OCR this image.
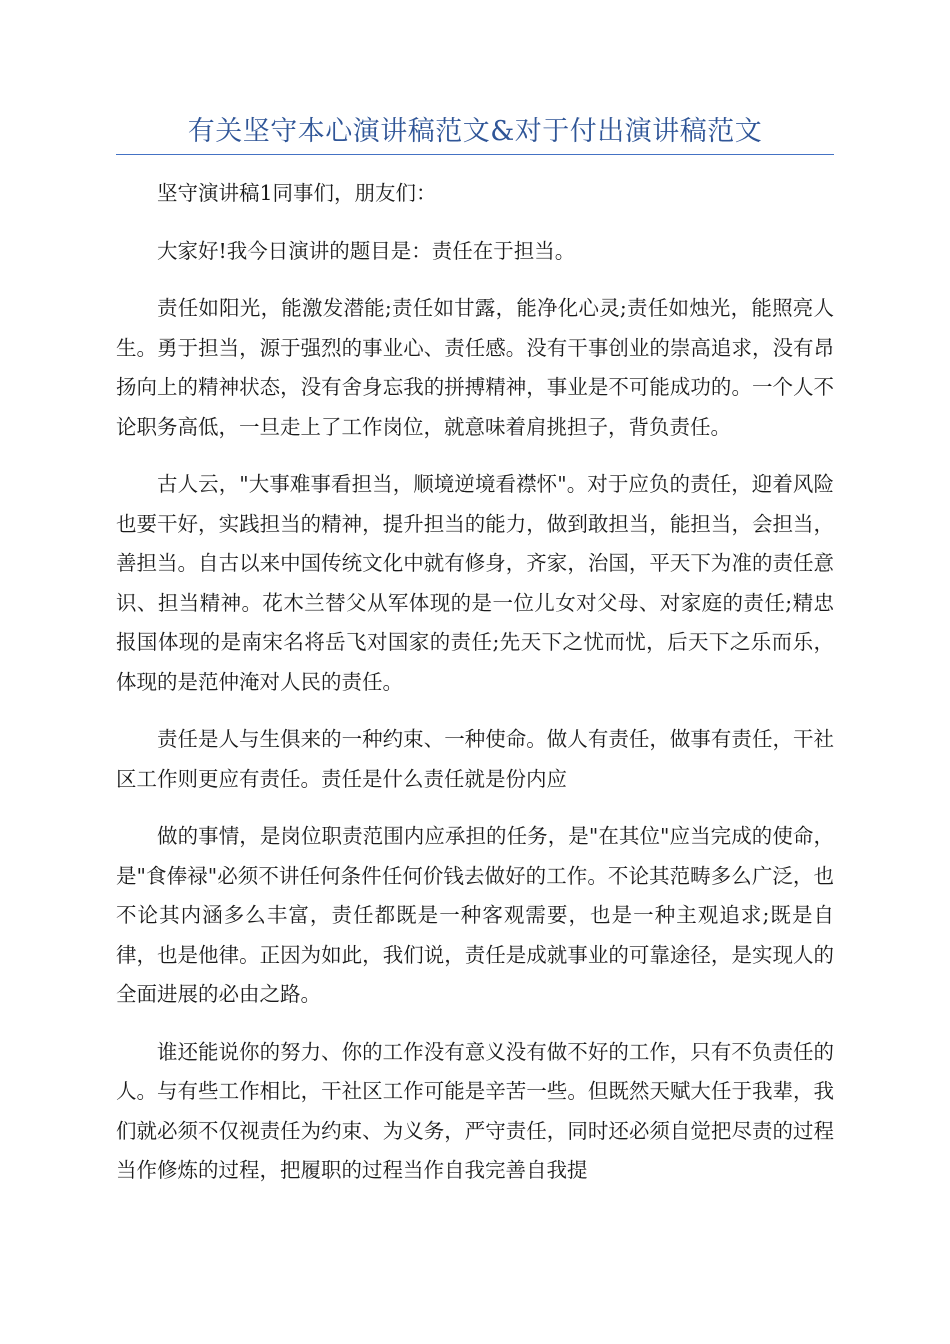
有关坚守本心演讲稿范文&对于付出演讲稿范文

坚守演讲稿1同事们，朋友们：

大家好!我今日演讲的题目是：责任在于担当。

责任如阳光，能激发潜能;责任如甘露，能净化心灵;责任如烛光，能照亮人生。勇于担当，源于强烈的事业心、责任感。没有干事创业的崇高追求，没有昂扬向上的精神状态，没有舍身忘我的拼搏精神，事业是不可能成功的。一个人不论职务高低，一旦走上了工作岗位，就意味着肩挑担子，背负责任。

古人云，"大事难事看担当，顺境逆境看襟怀"。对于应负的责任，迎着风险也要干好，实践担当的精神，提升担当的能力，做到敢担当，能担当，会担当，善担当。自古以来中国传统文化中就有修身，齐家，治国，平天下为准的责任意识、担当精神。花木兰替父从军体现的是一位儿女对父母、对家庭的责任;精忠报国体现的是南宋名将岳飞对国家的责任;先天下之忧而忧，后天下之乐而乐，体现的是范仲淹对人民的责任。

责任是人与生俱来的一种约束、一种使命。做人有责任，做事有责任，干社区工作则更应有责任。责任是什么责任就是份内应

做的事情，是岗位职责范围内应承担的任务，是"在其位"应当完成的使命，是"食俸禄"必须不讲任何条件任何价钱去做好的工作。不论其范畴多么广泛，也不论其内涵多么丰富，责任都既是一种客观需要，也是一种主观追求;既是自律，也是他律。正因为如此，我们说，责任是成就事业的可靠途径，是实现人的全面进展的必由之路。

谁还能说你的努力、你的工作没有意义没有做不好的工作，只有不负责任的人。与有些工作相比，干社区工作可能是辛苦一些。但既然天赋大任于我辈，我们就必须不仅视责任为约束、为义务，严守责任，同时还必须自觉把尽责的过程当作修炼的过程，把履职的过程当作自我完善自我提
